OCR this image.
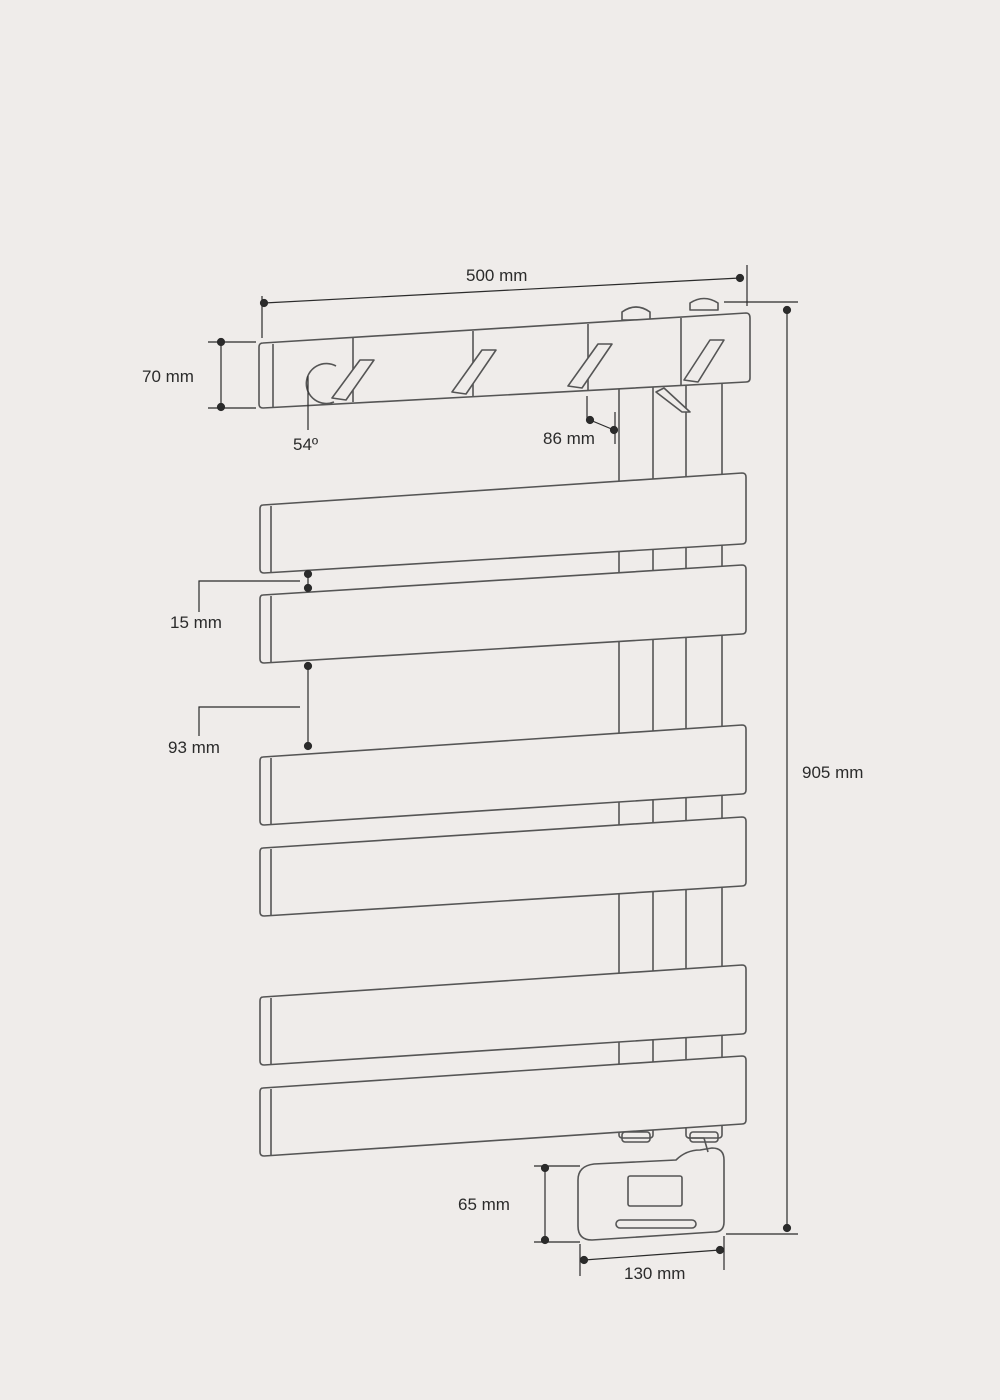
500 mm
905 mm
70 mm
54º	86 mm
15 mm
93 mm
65 mm
130 mm
